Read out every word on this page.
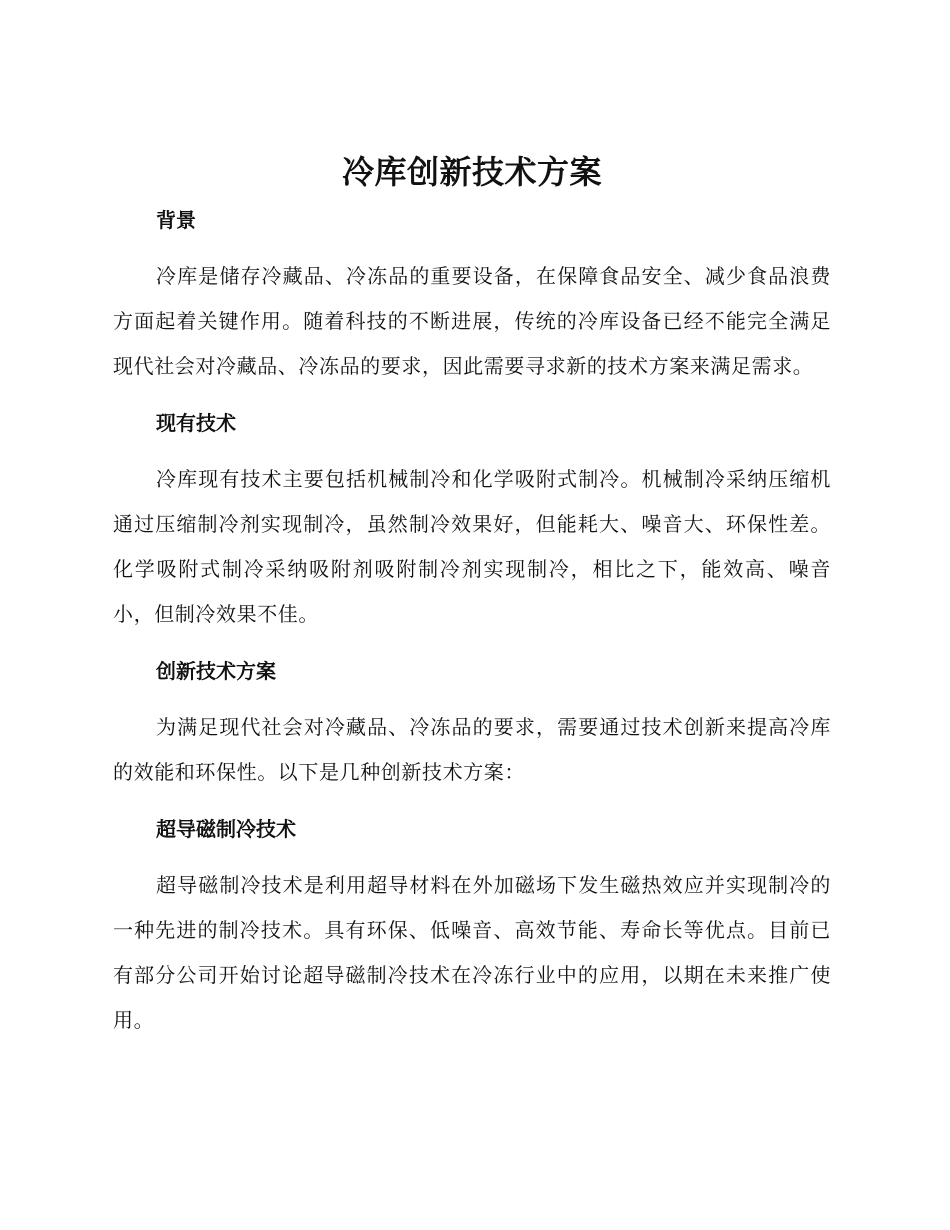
冷库创新技术方案
背景

冷库是储存冷藏品、冷冻品的重要设备，在保障食品安全、减少食品浪费方面起着关键作用。随着科技的不断进展，传统的冷库设备已经不能完全满足现代社会对冷藏品、冷冻品的要求，因此需要寻求新的技术方案来满足需求。

现有技术

冷库现有技术主要包括机械制冷和化学吸附式制冷。机械制冷采纳压缩机通过压缩制冷剂实现制冷，虽然制冷效果好，但能耗大、噪音大、环保性差。化学吸附式制冷采纳吸附剂吸附制冷剂实现制冷，相比之下，能效高、噪音小，但制冷效果不佳。

创新技术方案

为满足现代社会对冷藏品、冷冻品的要求，需要通过技术创新来提高冷库的效能和环保性。以下是几种创新技术方案：

超导磁制冷技术

超导磁制冷技术是利用超导材料在外加磁场下发生磁热效应并实现制冷的一种先进的制冷技术。具有环保、低噪音、高效节能、寿命长等优点。目前已有部分公司开始讨论超导磁制冷技术在冷冻行业中的应用，以期在未来推广使用。
